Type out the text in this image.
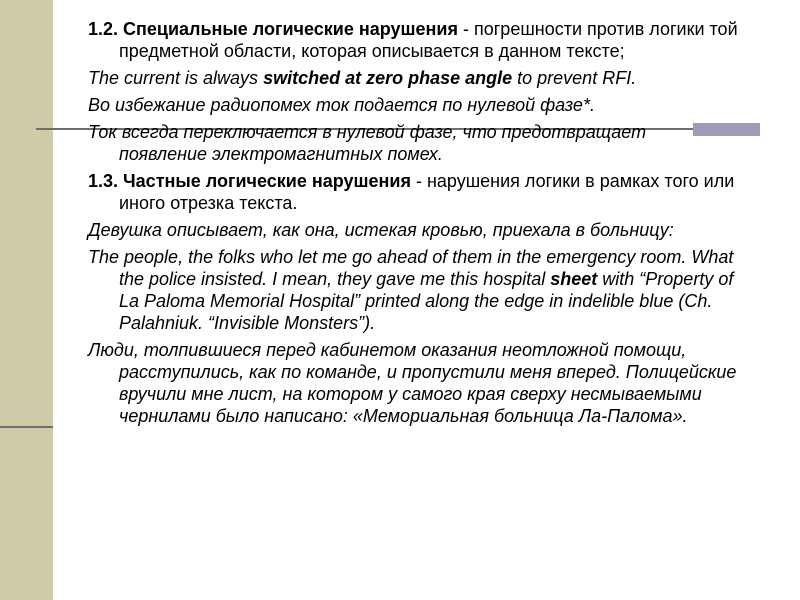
1.2. Специальные логические нарушения - погрешности против логики той предметной области, которая описывается в данном тексте;
The current is always switched at zero phase angle to prevent RFI.
Во избежание радиопомех ток подается по нулевой фазе*.
Ток всегда переключается в нулевой фазе, что предотвращает появление электромагнитных помех.
1.3. Частные логические нарушения - нарушения логики в рамках того или иного отрезка текста.
Девушка описывает, как она, истекая кровью, приехала в больницу:
The people, the folks who let me go ahead of them in the emergency room. What the police insisted. I mean, they gave me this hospital sheet with “Property of La Paloma Memorial Hospital” printed along the edge in indelible blue (Ch. Palahniuk. “Invisible Monsters”).
Люди, толпившиеся перед кабинетом оказания неотложной помощи, расступились, как по команде, и пропустили меня вперед. Полицейские вручили мне лист, на котором у самого края сверху несмываемыми чернилами было написано: «Мемориальная больница Ла-Палома».
